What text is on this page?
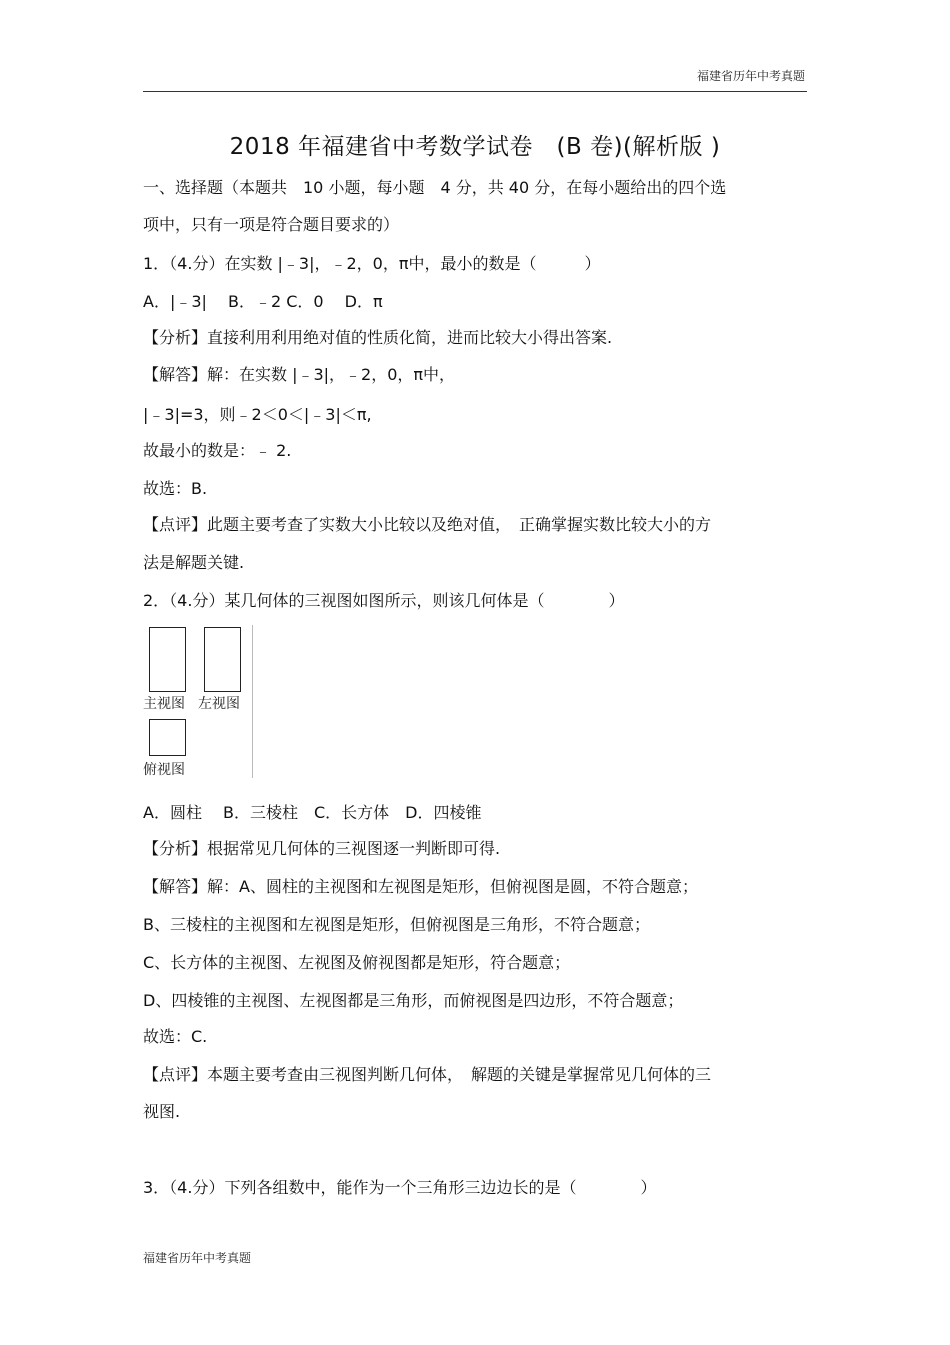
福建省历年中考真题
2018 年福建省中考数学试卷　(B 卷)(解析版 )
一、选择题（本题共　10 小题，每小题　4 分，共 40 分，在每小题给出的四个选
项中，只有一项是符合题目要求的）
1．（4.分）在实数 |﹣3|，﹣2，0，π中，最小的数是（　　　）
A．|﹣3|　 B．﹣2 C．0　 D．π
【分析】直接利用利用绝对值的性质化简，进而比较大小得出答案.
【解答】解：在实数 |﹣3|，﹣2，0，π中，
|﹣3|=3，则﹣2＜0＜|﹣3|＜π,
故最小的数是：﹣ 2.
故选：B.
【点评】此题主要考查了实数大小比较以及绝对值，　正确掌握实数比较大小的方
法是解题关键.
2．（4.分）某几何体的三视图如图所示，则该几何体是（　　　　）
主视图 左视图
俯视图
A．圆柱　 B．三棱柱　C．长方体　D．四棱锥
【分析】根据常见几何体的三视图逐一判断即可得.
【解答】解：A、圆柱的主视图和左视图是矩形，但俯视图是圆，不符合题意；
B、三棱柱的主视图和左视图是矩形，但俯视图是三角形，不符合题意；
C、长方体的主视图、左视图及俯视图都是矩形，符合题意；
D、四棱锥的主视图、左视图都是三角形，而俯视图是四边形，不符合题意；
故选：C.
【点评】本题主要考查由三视图判断几何体，　解题的关键是掌握常见几何体的三
视图.
3．（4.分）下列各组数中，能作为一个三角形三边边长的是（　　　　）
福建省历年中考真题
